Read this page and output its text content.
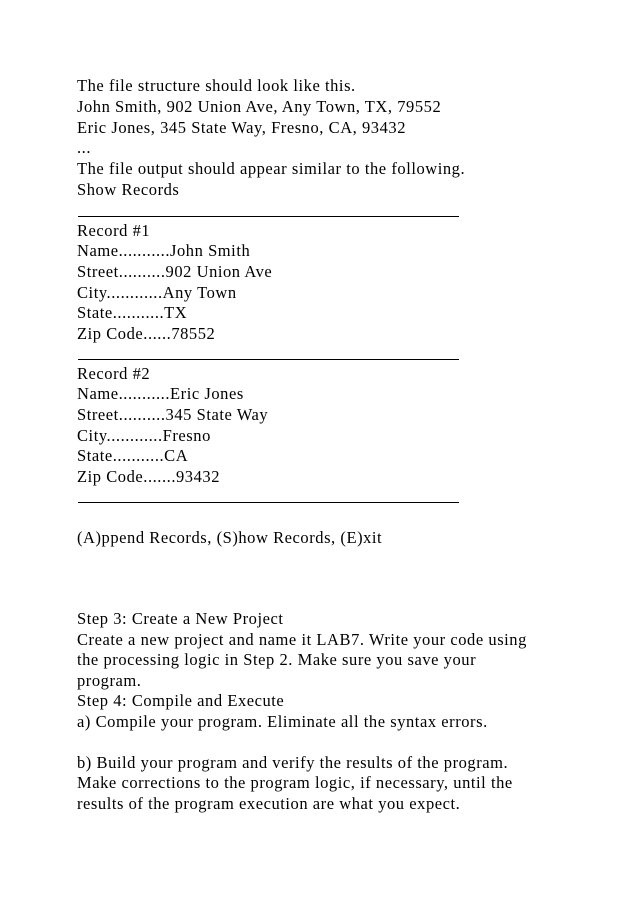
The file structure should look like this.
John Smith, 902 Union Ave, Any Town, TX, 79552
Eric Jones, 345 State Way, Fresno, CA, 93432
...
The file output should appear similar to the following.
Show Records
Record #1
Name...........John Smith
Street..........902 Union Ave
City............Any Town
State...........TX
Zip Code......78552
Record #2
Name...........Eric Jones
Street..........345 State Way
City............Fresno
State...........CA
Zip Code.......93432
(A)ppend Records, (S)how Records, (E)xit
Step 3: Create a New Project
Create a new project and name it LAB7. Write your code using
the processing logic in Step 2. Make sure you save your
program.
Step 4: Compile and Execute
a) Compile your program. Eliminate all the syntax errors.
b) Build your program and verify the results of the program.
Make corrections to the program logic, if necessary, until the
results of the program execution are what you expect.
